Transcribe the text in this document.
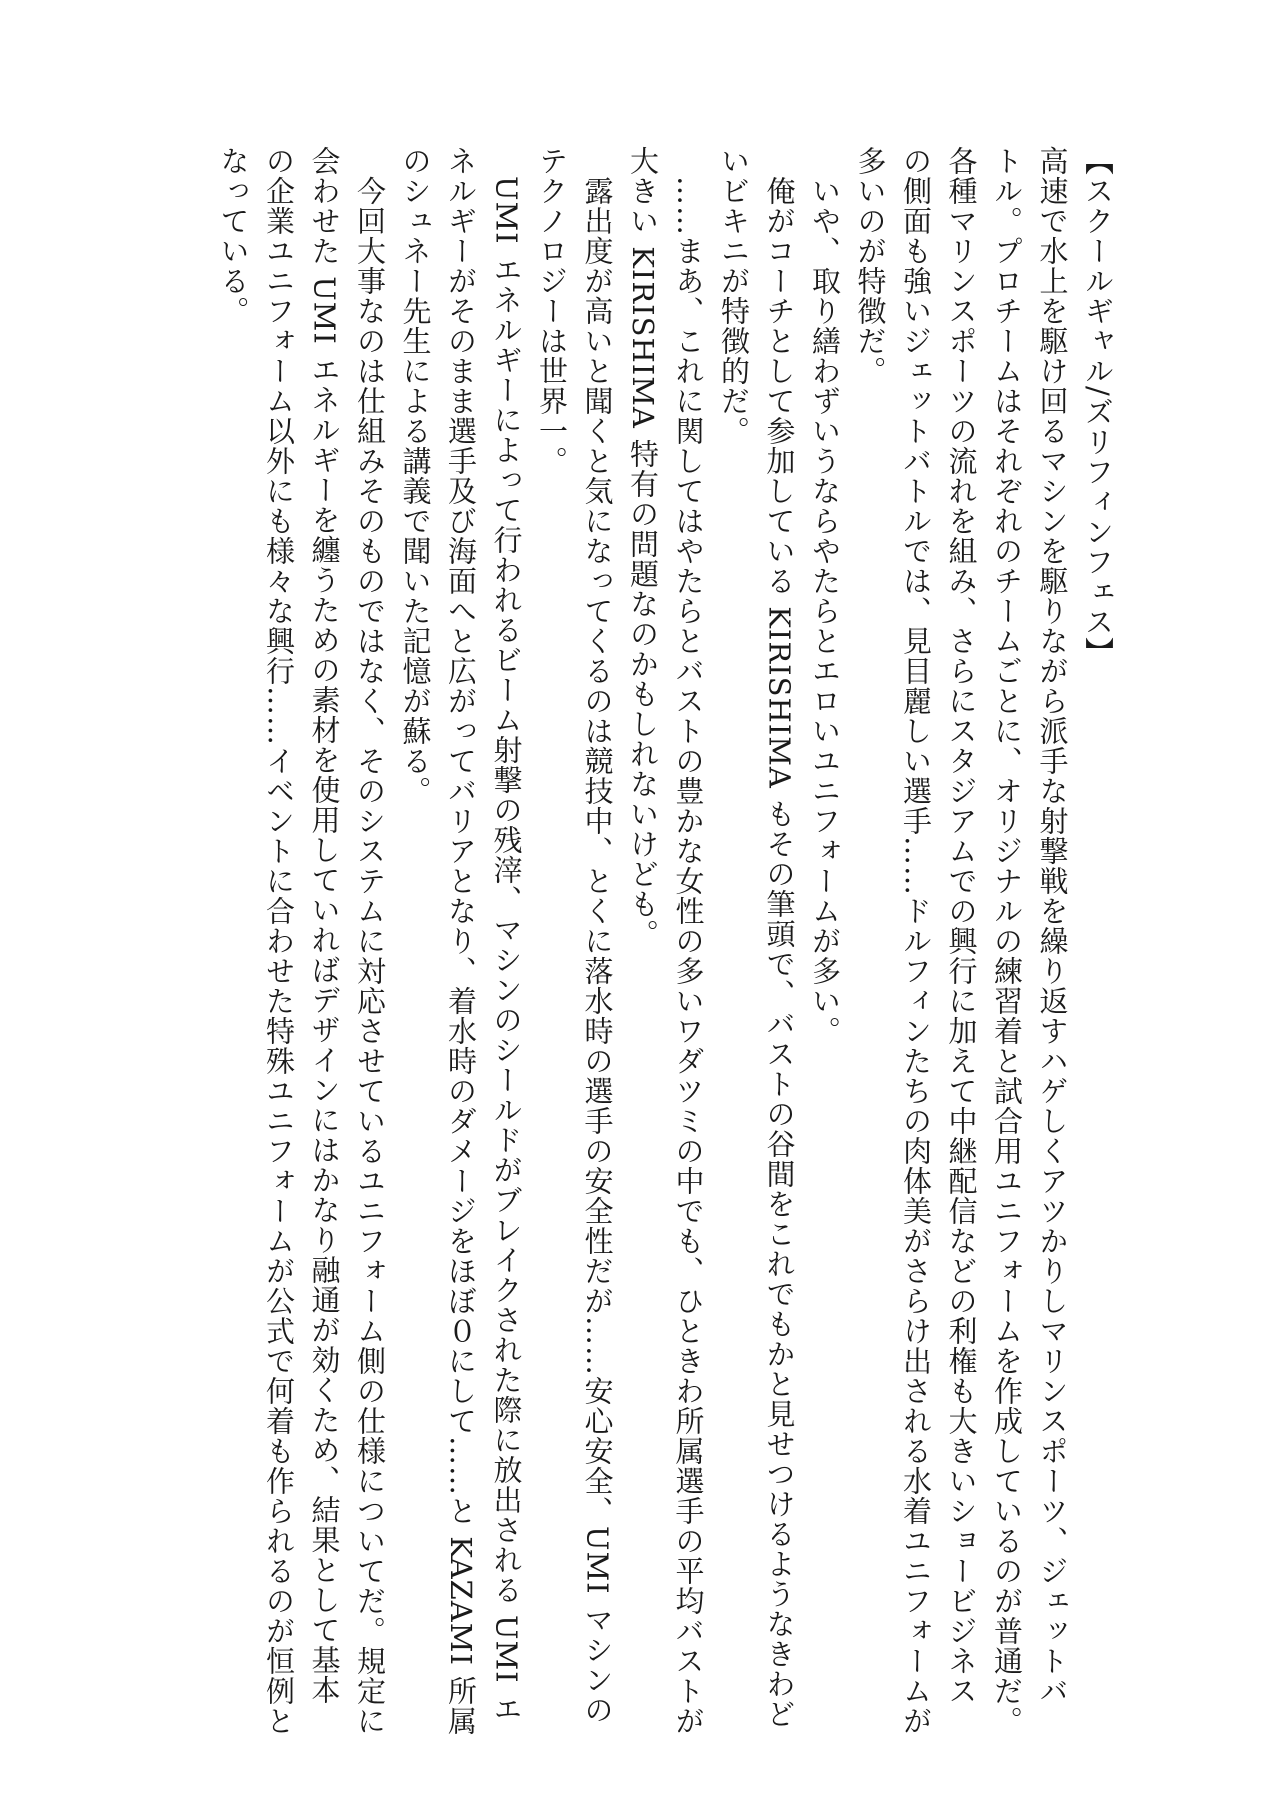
【スクールギャル/ズリフィンフェス】
高速で水上を駆け回るマシンを駆りながら派手な射撃戦を繰り返すハゲしくアツかりしマリンスポーツ、ジェットバ
トル。プロチームはそれぞれのチームごとに、オリジナルの練習着と試合用ユニフォームを作成しているのが普通だ。
各種マリンスポーツの流れを組み、さらにスタジアムでの興行に加えて中継配信などの利権も大きいショービジネス
の側面も強いジェットバトルでは、見目麗しい選手……ドルフィンたちの肉体美がさらけ出される水着ユニフォームが
多いのが特徴だ。
　いや、取り繕わずいうならやたらとエロいユニフォームが多い。
　俺がコーチとして参加している KIRISHIMA もその筆頭で、バストの谷間をこれでもかと見せつけるようなきわど
いビキニが特徴的だ。
　……まあ、これに関してはやたらとバストの豊かな女性の多いワダツミの中でも、ひときわ所属選手の平均バストが
大きい KIRISHIMA 特有の問題なのかもしれないけども。
　露出度が高いと聞くと気になってくるのは競技中、とくに落水時の選手の安全性だが……安心安全、UMI マシンの
テクノロジーは世界一。
　UMI エネルギーによって行われるビーム射撃の残滓、マシンのシールドがブレイクされた際に放出される UMI エ
ネルギーがそのまま選手及び海面へと広がってバリアとなり、着水時のダメージをほぼ０にして……と KAZAMI 所属
のシュネー先生による講義で聞いた記憶が蘇る。
　今回大事なのは仕組みそのものではなく、そのシステムに対応させているユニフォーム側の仕様についてだ。規定に
会わせた UMI エネルギーを纏うための素材を使用していればデザインにはかなり融通が効くため、結果として基本
の企業ユニフォーム以外にも様々な興行……イベントに合わせた特殊ユニフォームが公式で何着も作られるのが恒例と
なっている。
